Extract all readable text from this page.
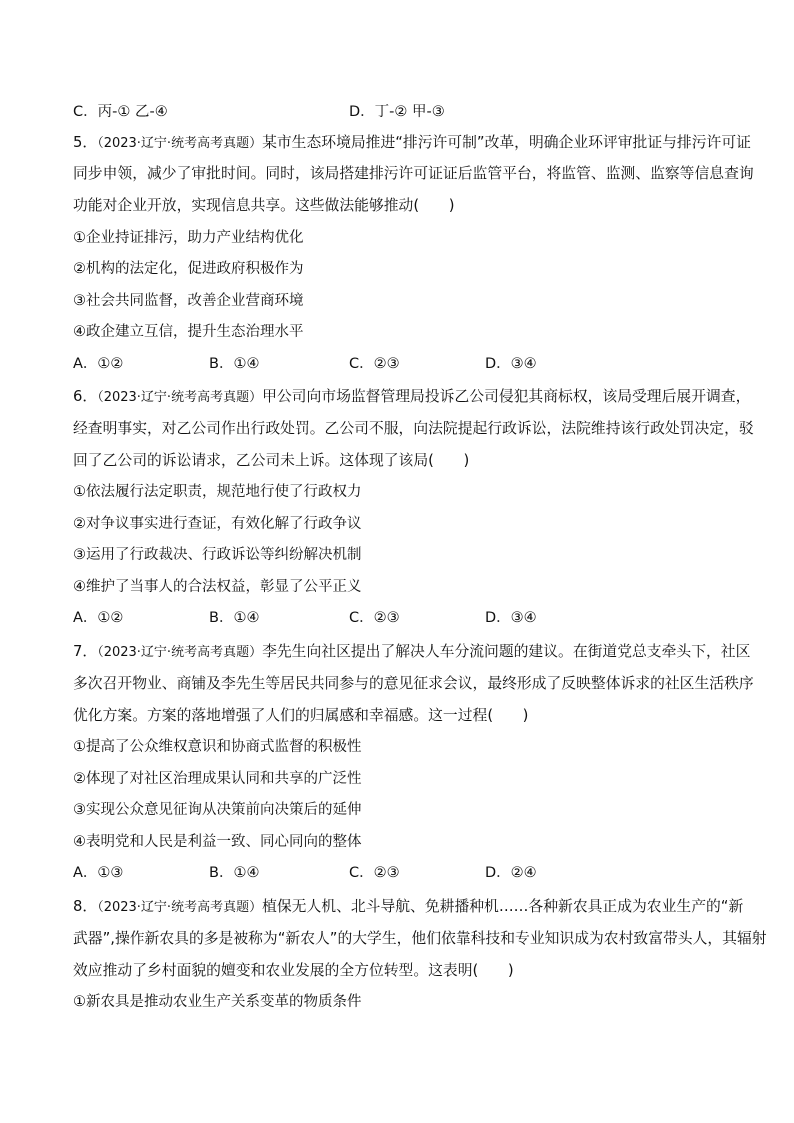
C．丙-① 乙-④	D．丁-② 甲-③
5．（2023·辽宁·统考高考真题）某市生态环境局推进“排污许可制”改革，明确企业环评审批证与排污许可证
同步申领，减少了审批时间。同时，该局搭建排污许可证证后监管平台，将监管、监测、监察等信息查询
功能对企业开放，实现信息共享。这些做法能够推动(　　)
①企业持证排污，助力产业结构优化
②机构的法定化，促进政府积极作为
③社会共同监督，改善企业营商环境
④政企建立互信，提升生态治理水平
A．①②	B．①④	C．②③	D．③④
6．（2023·辽宁·统考高考真题）甲公司向市场监督管理局投诉乙公司侵犯其商标权，该局受理后展开调查，
经查明事实，对乙公司作出行政处罚。乙公司不服，向法院提起行政诉讼，法院维持该行政处罚决定，驳
回了乙公司的诉讼请求，乙公司未上诉。这体现了该局(　　)
①依法履行法定职责，规范地行使了行政权力
②对争议事实进行查证，有效化解了行政争议
③运用了行政裁决、行政诉讼等纠纷解决机制
④维护了当事人的合法权益，彰显了公平正义
A．①②	B．①④	C．②③	D．③④
7．（2023·辽宁·统考高考真题）李先生向社区提出了解决人车分流问题的建议。在街道党总支牵头下，社区
多次召开物业、商铺及李先生等居民共同参与的意见征求会议，最终形成了反映整体诉求的社区生活秩序
优化方案。方案的落地增强了人们的归属感和幸福感。这一过程(　　)
①提高了公众维权意识和协商式监督的积极性
②体现了对社区治理成果认同和共享的广泛性
③实现公众意见征询从决策前向决策后的延伸
④表明党和人民是利益一致、同心同向的整体
A．①③	B．①④	C．②③	D．②④
8．（2023·辽宁·统考高考真题）植保无人机、北斗导航、免耕播种机……各种新农具正成为农业生产的“新
武器”,操作新农具的多是被称为“新农人”的大学生，他们依靠科技和专业知识成为农村致富带头人，其辐射
效应推动了乡村面貌的嬗变和农业发展的全方位转型。这表明(　　)
①新农具是推动农业生产关系变革的物质条件
